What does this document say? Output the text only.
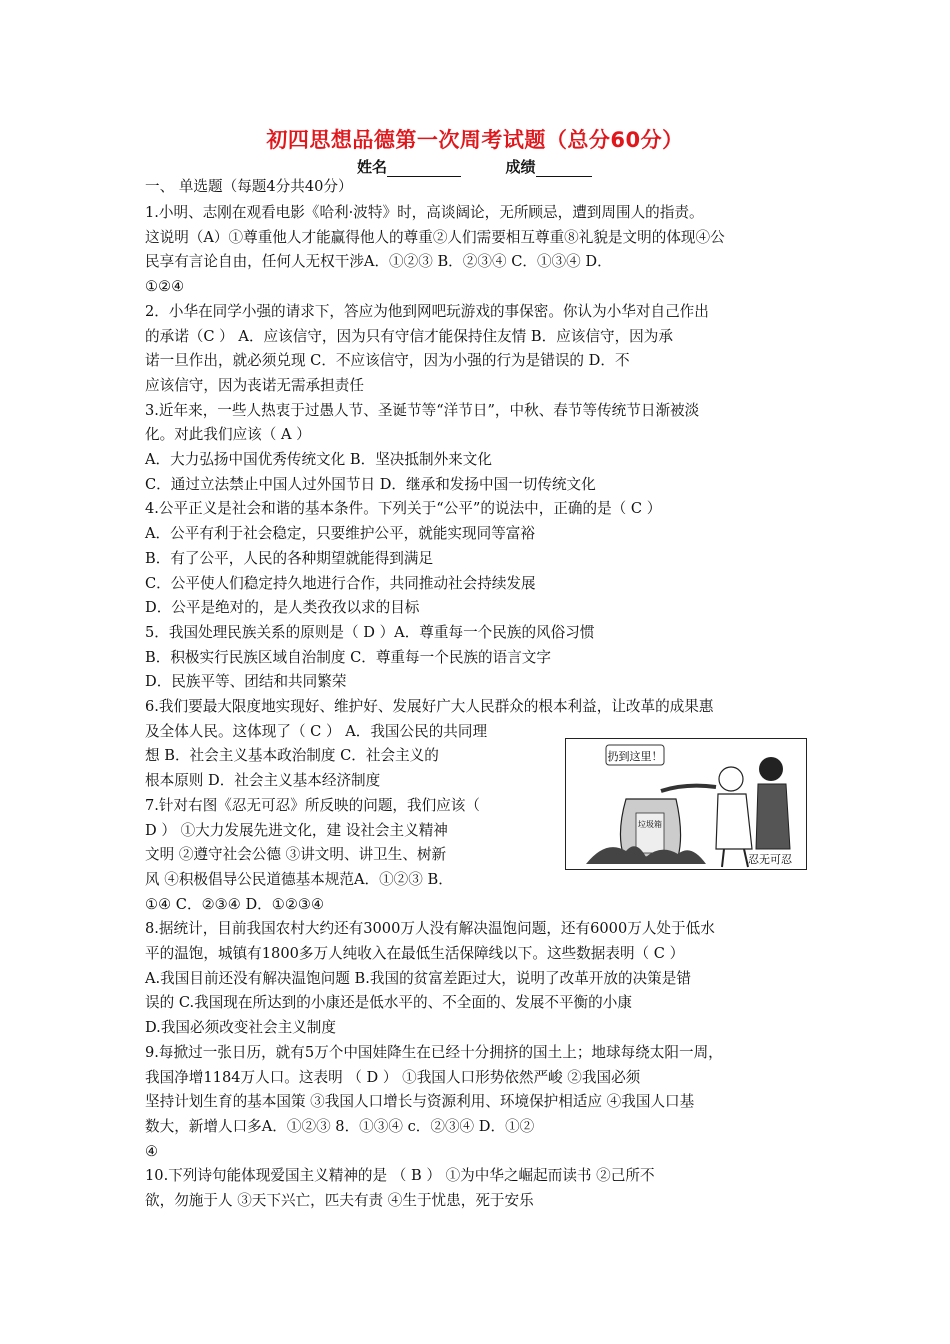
初四思想品德第一次周考试题（总分60分）
姓名	成绩
一、 单选题（每题4分共40分）
1.小明、志刚在观看电影《哈利·波特》时，高谈阔论，无所顾忌，遭到周围人的指责。
这说明（A）①尊重他人才能赢得他人的尊重②人们需要相互尊重⑧礼貌是文明的体现④公
民享有言论自由，任何人无权干涉A．①②③ B．②③④ C．①③④ D．
①②④
2．小华在同学小强的请求下，答应为他到网吧玩游戏的事保密。你认为小华对自己作出
的承诺（C ） A．应该信守，因为只有守信才能保持住友情 B．应该信守，因为承
诺一旦作出，就必须兑现 C．不应该信守，因为小强的行为是错误的 D．不
应该信守，因为丧诺无需承担责任
3.近年来，一些人热衷于过愚人节、圣诞节等“洋节日”，中秋、春节等传统节日渐被淡
化。对此我们应该（ A ）
A．大力弘扬中国优秀传统文化 B．坚决抵制外来文化
C．通过立法禁止中国人过外国节日 D．继承和发扬中国一切传统文化
4.公平正义是社会和谐的基本条件。下列关于“公平”的说法中，正确的是（ C ）
A．公平有利于社会稳定，只要维护公平，就能实现同等富裕
B．有了公平，人民的各种期望就能得到满足
C．公平使人们稳定持久地进行合作，共同推动社会持续发展
D．公平是绝对的，是人类孜孜以求的目标
5．我国处理民族关系的原则是（ D ）A．尊重每一个民族的风俗习惯
B．积极实行民族区域自治制度 C．尊重每一个民族的语言文字
D．民族平等、团结和共同繁荣
6.我们要最大限度地实现好、维护好、发展好广大人民群众的根本利益，让改革的成果惠
及全体人民。这体现了（ C ） A．我国公民的共同理
想 B．社会主义基本政治制度 C．社会主义的
根本原则 D．社会主义基本经济制度
7.针对右图《忍无可忍》所反映的问题，我们应该（
D ） ①大力发展先进文化，建 设社会主义精神
文明 ②遵守社会公德 ③讲文明、讲卫生、树新
风 ④积极倡导公民道德基本规范A．①②③ B．
①④ C．②③④ D．①②③④
8.据统计，目前我国农村大约还有3000万人没有解决温饱问题，还有6000万人处于低水
平的温饱，城镇有1800多万人纯收入在最低生活保障线以下。这些数据表明（ C ）
A.我国目前还没有解决温饱问题 B.我国的贫富差距过大，说明了改革开放的决策是错
误的 C.我国现在所达到的小康还是低水平的、不全面的、发展不平衡的小康
D.我国必须改变社会主义制度
9.每掀过一张日历，就有5万个中国娃降生在已经十分拥挤的国土上；地球每绕太阳一周，
我国净增1184万人口。这表明 （ D ） ①我国人口形势依然严峻 ②我国必须
坚持计划生育的基本国策 ③我国人口增长与资源利用、环境保护相适应 ④我国人口基
数大，新增人口多A．①②③ 8．①③④ c．②③④ D．①②
④
10.下列诗句能体现爱国主义精神的是 （ B ） ①为中华之崛起而读书 ②己所不
欲，勿施于人 ③天下兴亡，匹夫有责 ④生于忧患，死于安乐
扔到这里！
垃圾箱
忍无可忍
